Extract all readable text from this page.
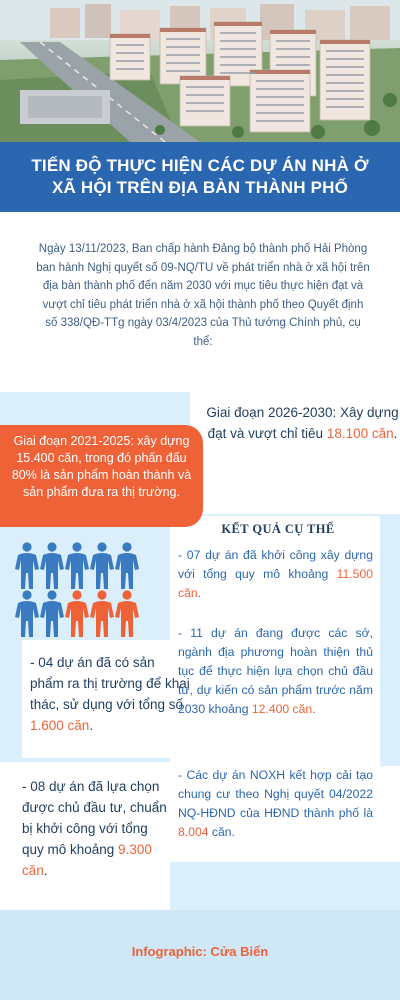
TIẾN ĐỘ THỰC HIỆN CÁC DỰ ÁN NHÀ Ở
XÃ HỘI TRÊN ĐỊA BÀN THÀNH PHỐ

Ngày 13/11/2023, Ban chấp hành Đảng bộ thành phố Hải Phòng ban hành Nghị quyết số 09-NQ/TU về phát triển nhà ở xã hội trên địa bàn thành phố đến năm 2030 với mục tiêu thực hiện đạt và vượt chỉ tiêu phát triển nhà ở xã hội thành phố theo Quyết định số 338/QĐ-TTg ngày 03/4/2023 của Thủ tướng Chính phủ, cụ thể:

Giai đoạn 2021-2025: xây dựng 15.400 căn, trong đó phấn đấu 80% là sản phẩm hoàn thành và sản phẩm đưa ra thị trường.

Giai đoạn 2026-2030: Xây dựng đạt và vượt chỉ tiêu 18.100 căn.
KẾT QUẢ CỤ THỂ
- 07 dự án đã khởi công xây dựng với tổng quy mô khoảng 11.500 căn.
- 11 dự án đang được các sở, ngành địa phương hoàn thiện thủ tục để thực hiện lựa chọn chủ đầu tư, dự kiến có sản phẩm trước năm 2030 khoảng 12.400 căn.
- 04 dự án đã có sản phẩm ra thị trường để khai thác, sử dụng với tổng số 1.600 căn.
- Các dự án NOXH kết hợp cải tạo chung cư theo Nghị quyết 04/2022 NQ-HĐND của HĐND thành phố là 8.004 căn.
- 08 dự án đã lựa chọn được chủ đầu tư, chuẩn bị khởi công với tổng quy mô khoảng 9.300 căn.
Infographic: Cửa Biển
